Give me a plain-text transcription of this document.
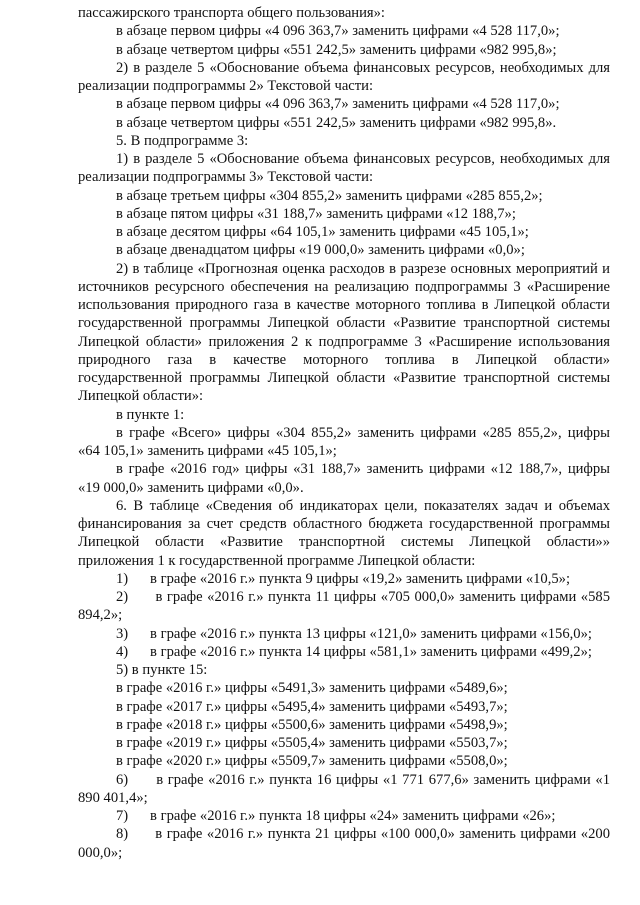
пассажирского транспорта общего пользования»:

в абзаце первом цифры «4 096 363,7» заменить цифрами «4 528 117,0»;

в абзаце четвертом цифры «551 242,5» заменить цифрами «982 995,8»;

2) в разделе 5 «Обоснование объема финансовых ресурсов, необходимых для реализации подпрограммы 2» Текстовой части:

в абзаце первом цифры «4 096 363,7» заменить цифрами «4 528 117,0»;

в абзаце четвертом цифры «551 242,5» заменить цифрами «982 995,8».

5. В подпрограмме 3:

1) в разделе 5 «Обоснование объема финансовых ресурсов, необходимых для реализации подпрограммы 3» Текстовой части:

в абзаце третьем цифры «304 855,2» заменить цифрами «285 855,2»;

в абзаце пятом цифры «31 188,7» заменить цифрами «12 188,7»;

в абзаце десятом цифры «64 105,1» заменить цифрами «45 105,1»;

в абзаце двенадцатом цифры «19 000,0» заменить цифрами «0,0»;

2) в таблице «Прогнозная оценка расходов в разрезе основных мероприятий и источников ресурсного обеспечения на реализацию подпрограммы 3 «Расширение использования природного газа в качестве моторного топлива в Липецкой области государственной программы Липецкой области «Развитие транспортной системы Липецкой области» приложения 2 к подпрограмме 3 «Расширение использования природного газа в качестве моторного топлива в Липецкой области» государственной программы Липецкой области «Развитие транспортной системы Липецкой области»:

в пункте 1:

в графе «Всего» цифры «304 855,2» заменить цифрами «285 855,2», цифры «64 105,1» заменить цифрами «45 105,1»;

в графе «2016 год» цифры «31 188,7» заменить цифрами «12 188,7», цифры «19 000,0» заменить цифрами «0,0».

6. В таблице «Сведения об индикаторах цели, показателях задач и объемах финансирования за счет средств областного бюджета государственной программы Липецкой области «Развитие транспортной системы Липецкой области»» приложения 1 к государственной программе Липецкой области:

1)      в графе «2016 г.» пункта 9 цифры «19,2» заменить цифрами «10,5»;

2)      в графе «2016 г.» пункта 11 цифры «705 000,0» заменить цифрами «585 894,2»;

3)      в графе «2016 г.» пункта 13 цифры «121,0» заменить цифрами «156,0»;

4)      в графе «2016 г.» пункта 14 цифры «581,1» заменить цифрами «499,2»;

5) в пункте 15:

в графе «2016 г.» цифры «5491,3» заменить цифрами «5489,6»;

в графе «2017 г.» цифры «5495,4» заменить цифрами «5493,7»;

в графе «2018 г.» цифры «5500,6» заменить цифрами «5498,9»;

в графе «2019 г.» цифры «5505,4» заменить цифрами «5503,7»;

в графе «2020 г.» цифры «5509,7» заменить цифрами «5508,0»;

6)      в графе «2016 г.» пункта 16 цифры «1 771 677,6» заменить цифрами «1 890 401,4»;

7)      в графе «2016 г.» пункта 18 цифры «24» заменить цифрами «26»;

8)      в графе «2016 г.» пункта 21 цифры «100 000,0» заменить цифрами «200 000,0»;
